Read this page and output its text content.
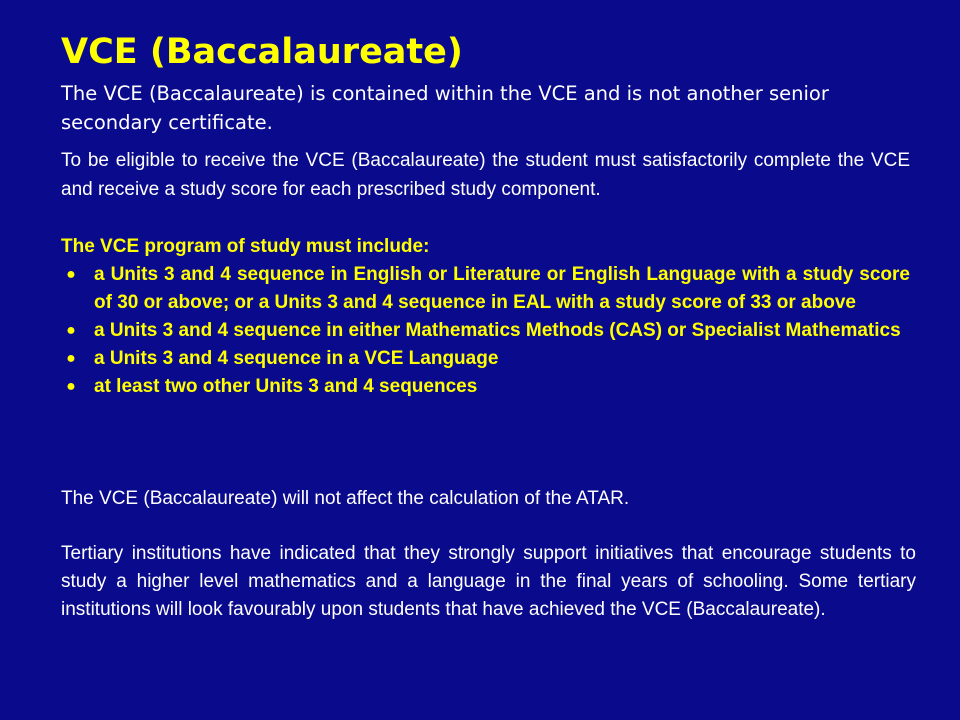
VCE (Baccalaureate)

The VCE (Baccalaureate) is contained within the VCE and is not another senior secondary certificate.

To be eligible to receive the VCE (Baccalaureate) the student must satisfactorily complete the VCE and receive a study score for each prescribed study component.

The VCE program of study must include:

● a Units 3 and 4 sequence in English or Literature or English Language with a study score of 30 or above; or a Units 3 and 4 sequence in EAL with a study score of 33 or above
● a Units 3 and 4 sequence in either Mathematics Methods (CAS) or Specialist Mathematics
● a Units 3 and 4 sequence in a VCE Language
● at least two other Units 3 and 4 sequences

The VCE (Baccalaureate) will not affect the calculation of the ATAR.

Tertiary institutions have indicated that they strongly support initiatives that encourage students to study a higher level mathematics and a language in the final years of schooling. Some tertiary institutions will look favourably upon students that have achieved the VCE (Baccalaureate).
